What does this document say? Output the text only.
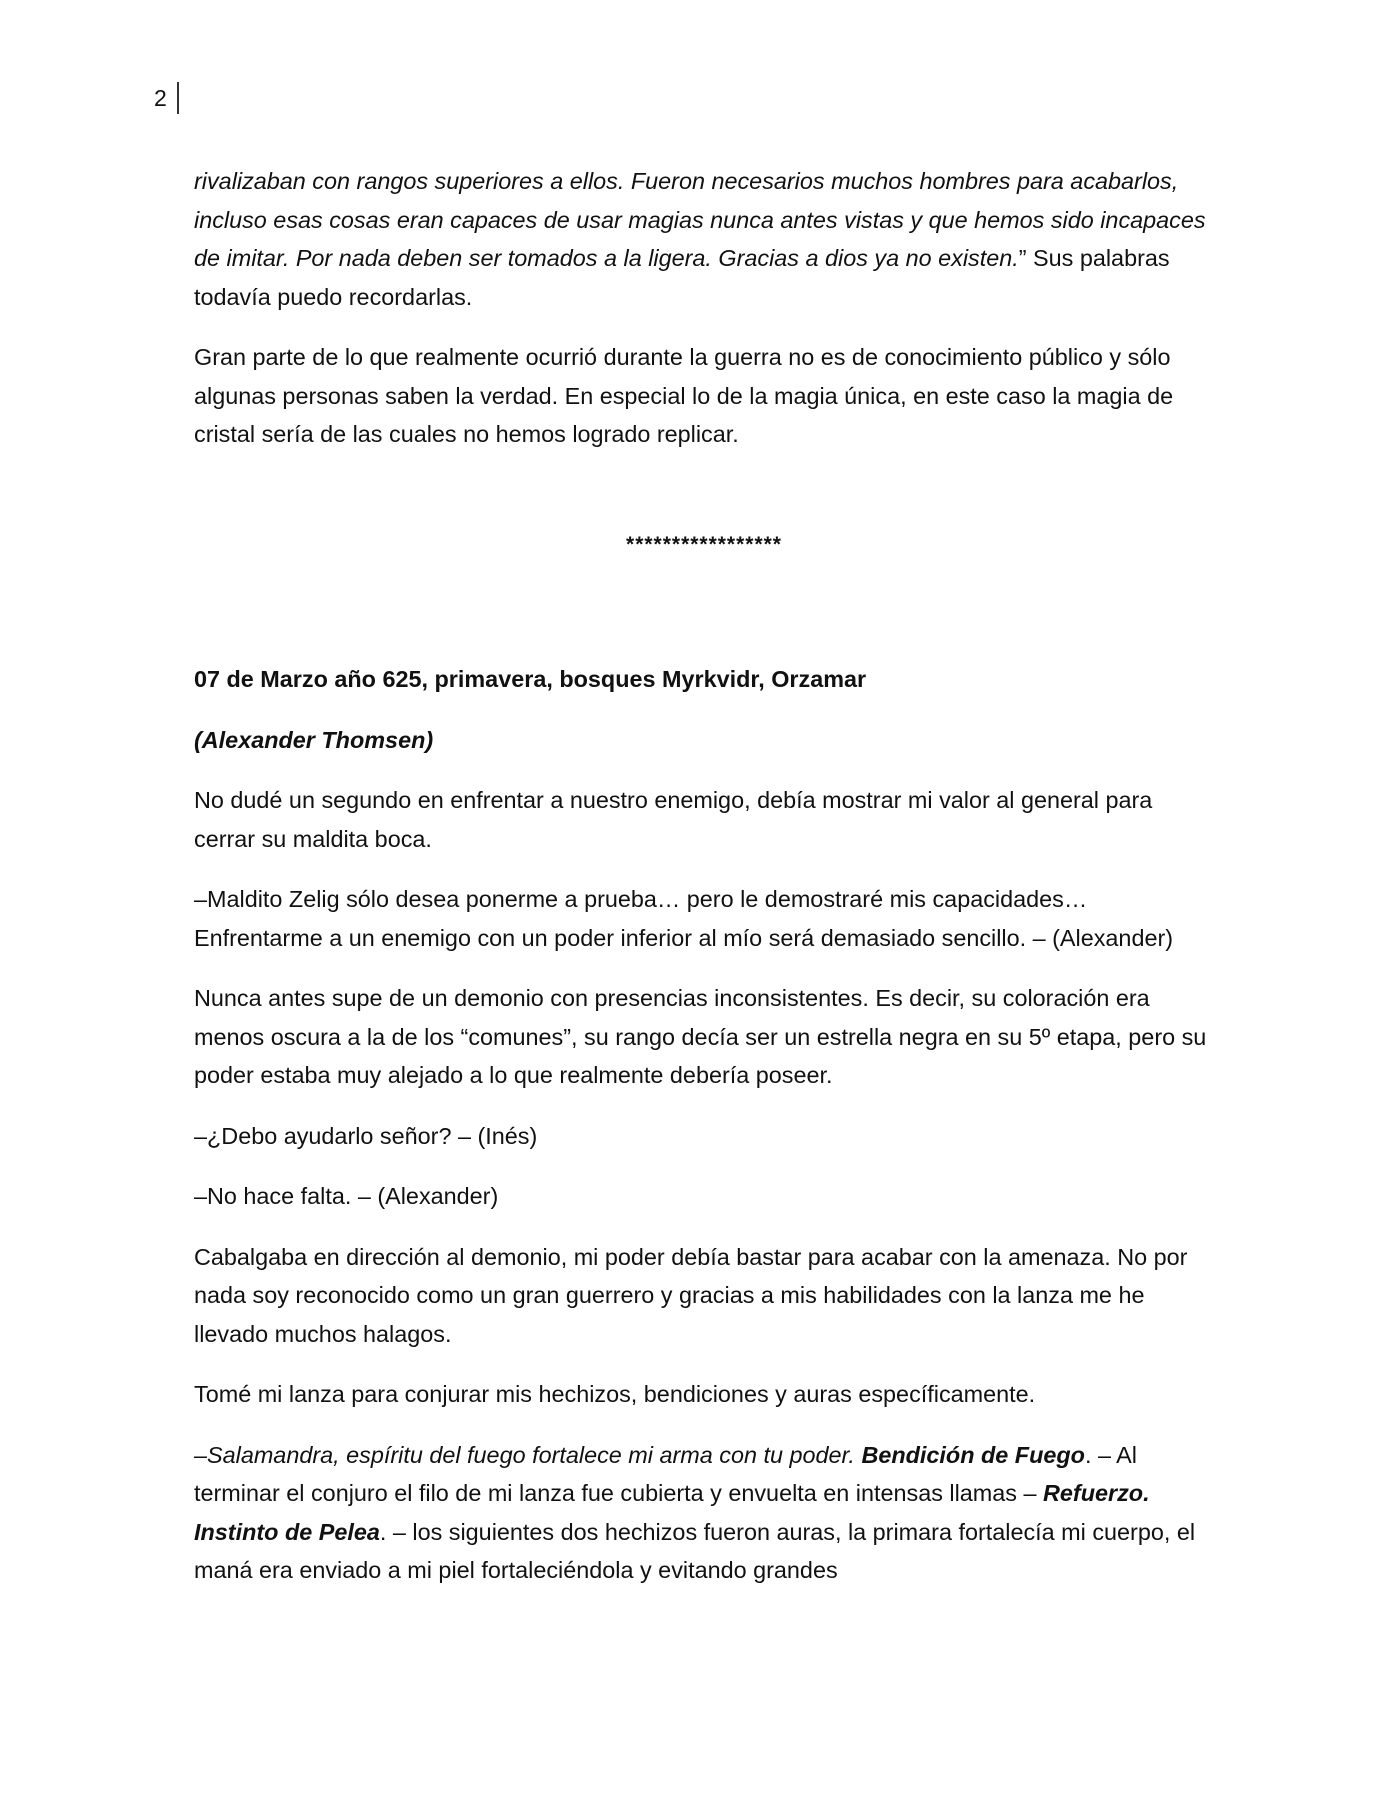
2

rivalizaban con rangos superiores a ellos. Fueron necesarios muchos hombres para acabarlos, incluso esas cosas eran capaces de usar magias nunca antes vistas y que hemos sido incapaces de imitar. Por nada deben ser tomados a la ligera. Gracias a dios ya no existen.” Sus palabras todavía puedo recordarlas.

Gran parte de lo que realmente ocurrió durante la guerra no es de conocimiento público y sólo algunas personas saben la verdad. En especial lo de la magia única, en este caso la magia de cristal sería de las cuales no hemos logrado replicar.

*****************

07 de Marzo año 625, primavera, bosques Myrkvidr, Orzamar

(Alexander Thomsen)

No dudé un segundo en enfrentar a nuestro enemigo, debía mostrar mi valor al general para cerrar su maldita boca.

–Maldito Zelig sólo desea ponerme a prueba… pero le demostraré mis capacidades… Enfrentarme a un enemigo con un poder inferior al mío será demasiado sencillo. – (Alexander)

Nunca antes supe de un demonio con presencias inconsistentes. Es decir, su coloración era menos oscura a la de los “comunes”, su rango decía ser un estrella negra en su 5º etapa, pero su poder estaba muy alejado a lo que realmente debería poseer.

–¿Debo ayudarlo señor? – (Inés)

–No hace falta. – (Alexander)

Cabalgaba en dirección al demonio, mi poder debía bastar para acabar con la amenaza. No por nada soy reconocido como un gran guerrero y gracias a mis habilidades con la lanza me he llevado muchos halagos.

Tomé mi lanza para conjurar mis hechizos, bendiciones y auras específicamente.

–Salamandra, espíritu del fuego fortalece mi arma con tu poder. Bendición de Fuego. – Al terminar el conjuro el filo de mi lanza fue cubierta y envuelta en intensas llamas – Refuerzo. Instinto de Pelea. – los siguientes dos hechizos fueron auras, la primara fortalecía mi cuerpo, el maná era enviado a mi piel fortaleciéndola y evitando grandes
